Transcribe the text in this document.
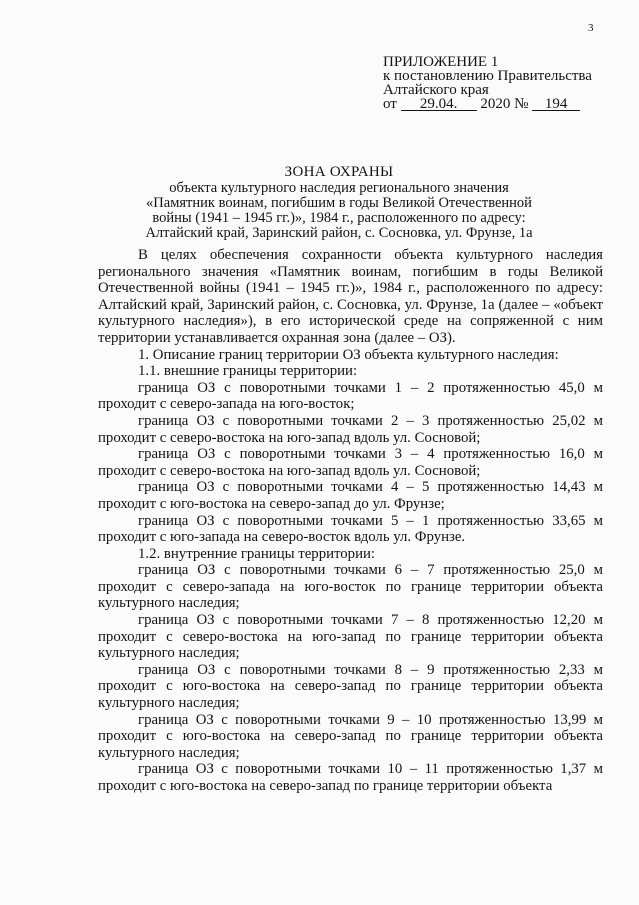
3
ПРИЛОЖЕНИЕ 1
к постановлению Правительства
Алтайского края
от 29.04. 2020 № 194
ЗОНА ОХРАНЫ
объекта культурного наследия регионального значения
«Памятник воинам, погибшим в годы Великой Отечественной
войны (1941 – 1945 гг.)», 1984 г., расположенного по адресу:
Алтайский край, Заринский район, с. Сосновка, ул. Фрунзе, 1а

В целях обеспечения сохранности объекта культурного наследия регионального значения «Памятник воинам, погибшим в годы Великой Отечественной войны (1941 – 1945 гг.)», 1984 г., расположенного по адресу: Алтайский край, Заринский район, с. Сосновка, ул. Фрунзе, 1а (далее – «объект культурного наследия»), в его исторической среде на сопряженной с ним территории устанавливается охранная зона (далее – ОЗ).

1. Описание границ территории ОЗ объекта культурного наследия:

1.1. внешние границы территории:

граница ОЗ с поворотными точками 1 – 2 протяженностью 45,0 м

проходит с северо-запада на юго-восток;

граница ОЗ с поворотными точками 2 – 3 протяженностью 25,02 м

проходит с северо-востока на юго-запад вдоль ул. Сосновой;

граница ОЗ с поворотными точками 3 – 4 протяженностью 16,0 м

проходит с северо-востока на юго-запад вдоль ул. Сосновой;

граница ОЗ с поворотными точками 4 – 5 протяженностью 14,43 м

проходит с юго-востока на северо-запад до ул. Фрунзе;

граница ОЗ с поворотными точками 5 – 1 протяженностью 33,65 м

проходит с юго-запада на северо-восток вдоль ул. Фрунзе.

1.2. внутренние границы территории:

граница ОЗ с поворотными точками 6 – 7 протяженностью 25,0 м проходит с северо-запада на юго-восток по границе территории объекта культурного наследия;

граница ОЗ с поворотными точками 7 – 8 протяженностью 12,20 м проходит с северо-востока на юго-запад по границе территории объекта культурного наследия;

граница ОЗ с поворотными точками 8 – 9 протяженностью 2,33 м проходит с юго-востока на северо-запад по границе территории объекта культурного наследия;

граница ОЗ с поворотными точками 9 – 10 протяженностью 13,99 м проходит с юго-востока на северо-запад по границе территории объекта культурного наследия;

граница ОЗ с поворотными точками 10 – 11 протяженностью 1,37 м проходит с юго-востока на северо-запад по границе территории объекта
